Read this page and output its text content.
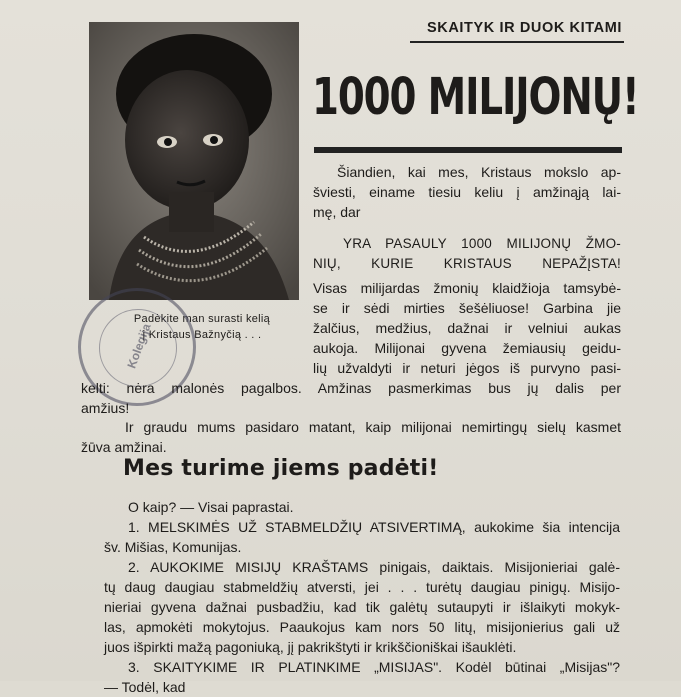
SKAITYK IR DUOK KITAMI
Padėkite man surasti kelią
į Kristaus Bažnyčią . . .
Kolegija
1000 MILIJONŲ!
Šiandien, kai mes, Kristaus mokslo ap-
šviesti, einame tiesiu keliu į amžinąją lai-
mę, dar
YRA PASAULY 1000 MILIJONŲ ŽMO-
NIŲ, KURIE KRISTAUS NEPAŽĮSTA!
Visas milijardas žmonių klaidžioja tamsybė-
se ir sėdi mirties šešėliuose! Garbina jie
žalčius, medžius, dažnai ir velniui aukas
aukoja. Milijonai gyvena žemiausių geidu-
lių užvaldyti ir neturi jėgos iš purvyno pasi-
kelti: nėra malonės pagalbos. Amžinas pasmerkimas bus jų dalis per
amžius!
Ir graudu mums pasidaro matant, kaip milijonai nemirtingų sielų kasmet
žūva amžinai.
Mes turime jiems padėti!
O kaip? — Visai paprastai.
1. MELSKIMĖS UŽ STABMELDŽIŲ ATSIVERTIMĄ, aukokime šia intencija
šv. Mišias, Komunijas.
2. AUKOKIME MISIJŲ KRAŠTAMS pinigais, daiktais. Misijonieriai galė-
tų daug daugiau stabmeldžių atversti, jei . . . turėtų daugiau pinigų. Misijo-
nieriai gyvena dažnai pusbadžiu, kad tik galėtų sutaupyti ir išlaikyti mokyk-
las, apmokėti mokytojus. Paaukojus kam nors 50 litų, misijonierius gali už
juos išpirkti mažą pagoniuką, jį pakrikštyti ir krikščioniškai išauklėti.
3. SKAITYKIME IR PLATINKIME „MISIJAS". Kodėl būtinai „Misijas"?
— Todėl, kad
